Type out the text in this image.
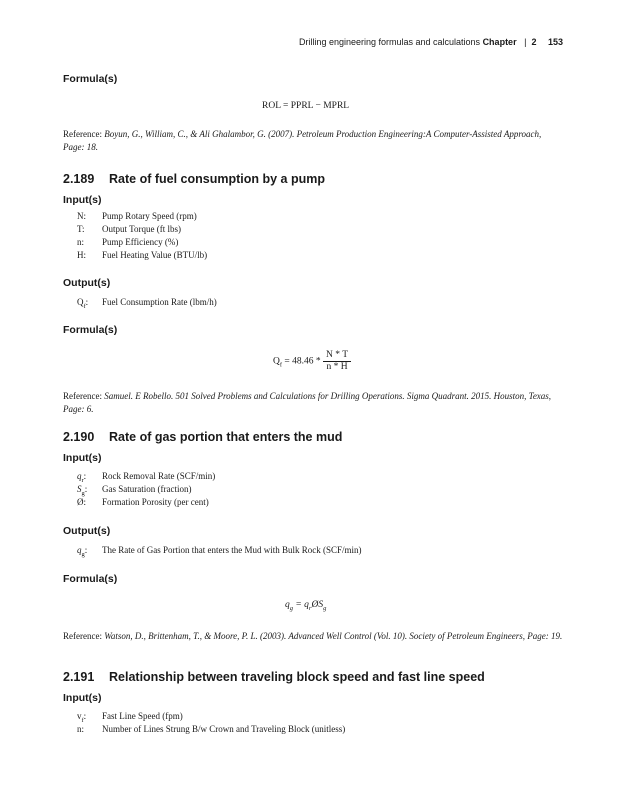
Drilling engineering formulas and calculations Chapter | 2 153
Formula(s)
ROL = PPRL − MPRL
Reference: Boyun, G., William, C., & Ali Ghalambor, G. (2007). Petroleum Production Engineering:A Computer-Assisted Approach, Page: 18.
2.189 Rate of fuel consumption by a pump
Input(s)
N: Pump Rotary Speed (rpm)
T: Output Torque (ft lbs)
n: Pump Efficiency (%)
H: Fuel Heating Value (BTU/lb)
Output(s)
$Q_f$: Fuel Consumption Rate (lbm/h)
Formula(s)
$Q_f = 48.46 * \frac{N * T}{n * H}$
Reference: Samuel. E Robello. 501 Solved Problems and Calculations for Drilling Operations. Sigma Quadrant. 2015. Houston, Texas, Page: 6.
2.190 Rate of gas portion that enters the mud
Input(s)
$q_r$: Rock Removal Rate (SCF/min)
$S_g$: Gas Saturation (fraction)
Ø: Formation Porosity (per cent)
Output(s)
$q_g$: The Rate of Gas Portion that enters the Mud with Bulk Rock (SCF/min)
Formula(s)
$q_g$ = $q_rØS_g$
Reference: Watson, D., Brittenham, T., & Moore, P. L. (2003). Advanced Well Control (Vol. 10). Society of Petroleum Engineers, Page: 19.
2.191 Relationship between traveling block speed and fast line speed
Input(s)
$v_f$: Fast Line Speed (fpm)
n: Number of Lines Strung B/w Crown and Traveling Block (unitless)
